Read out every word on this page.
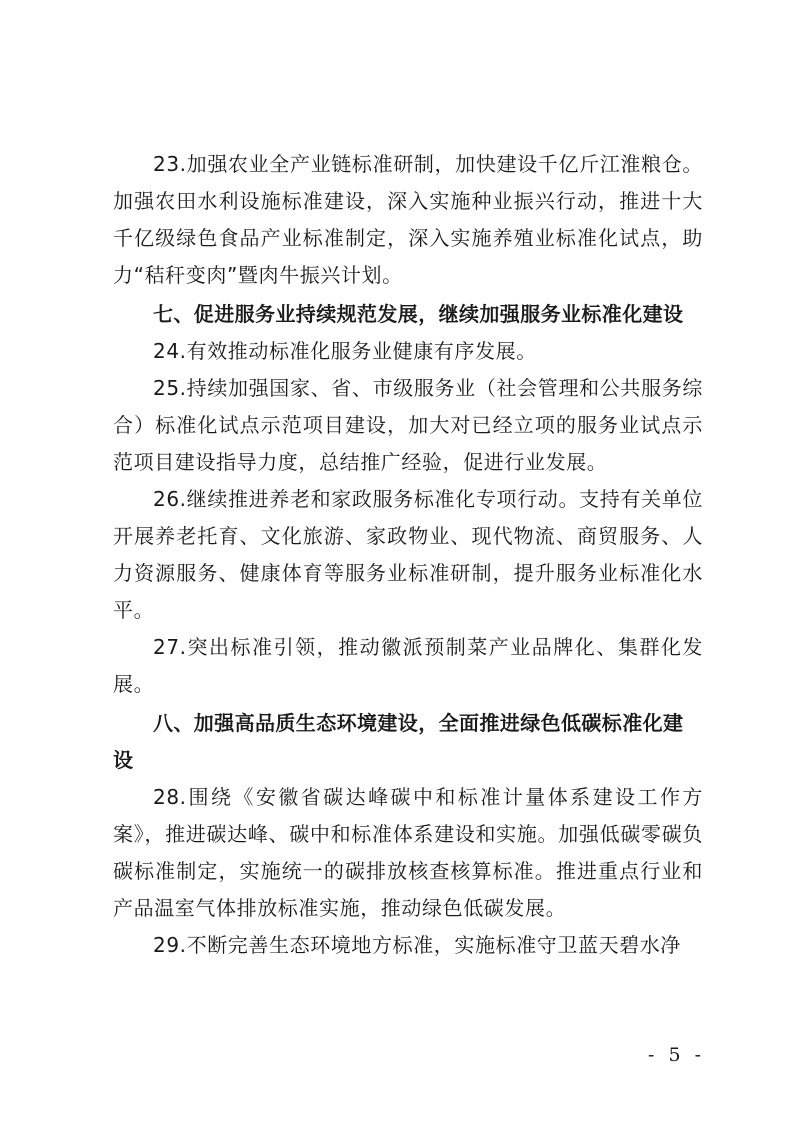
23.加强农业全产业链标准研制，加快建设千亿斤江淮粮仓。加强农田水利设施标准建设，深入实施种业振兴行动，推进十大千亿级绿色食品产业标准制定，深入实施养殖业标准化试点，助力“秸秆变肉”暨肉牛振兴计划。

七、促进服务业持续规范发展，继续加强服务业标准化建设

24.有效推动标准化服务业健康有序发展。

25.持续加强国家、省、市级服务业（社会管理和公共服务综合）标准化试点示范项目建设，加大对已经立项的服务业试点示范项目建设指导力度，总结推广经验，促进行业发展。

26.继续推进养老和家政服务标准化专项行动。支持有关单位开展养老托育、文化旅游、家政物业、现代物流、商贸服务、人力资源服务、健康体育等服务业标准研制，提升服务业标准化水平。

27.突出标准引领，推动徽派预制菜产业品牌化、集群化发展。

八、加强高品质生态环境建设，全面推进绿色低碳标准化建设

28.围绕《安徽省碳达峰碳中和标准计量体系建设工作方案》，推进碳达峰、碳中和标准体系建设和实施。加强低碳零碳负碳标准制定，实施统一的碳排放核查核算标准。推进重点行业和产品温室气体排放标准实施，推动绿色低碳发展。

29.不断完善生态环境地方标准，实施标准守卫蓝天碧水净

- 5 -
